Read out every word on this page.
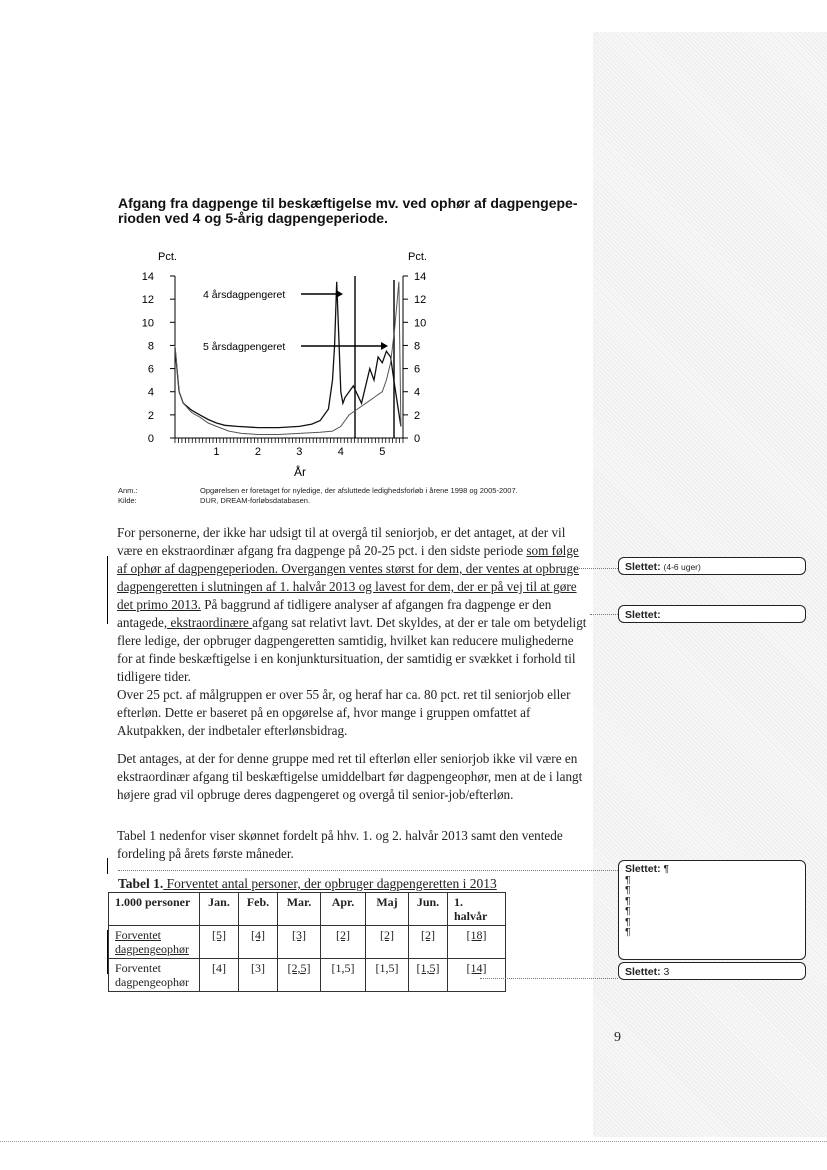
Afgang fra dagpenge til beskæftigelse mv. ved ophør af dagpengepe-rioden ved 4 og 5-årig dagpengeperiode.
Pct.	Pct.
0
2
4
6
8
10
12
14
0
2
4
6
8
10
12
14
1	2	3	4	5
4 årsdagpengeret
5 årsdagpengeret
År
Anm.:	Opgørelsen er foretaget for nyledige, der afsluttede ledighedsforløb i årene 1998 og 2005-2007.
Kilde:	DUR, DREAM-forløbsdatabasen.

For personerne, der ikke har udsigt til at overgå til seniorjob, er det antaget, at der vil være en ekstraordinær afgang fra dagpenge på 20-25 pct. i den sidste periode som følge af ophør af dagpengeperioden. Overgangen ventes størst for dem, der ventes at opbruge dagpengeretten i slutningen af 1. halvår 2013 og lavest for dem, der er på vej til at gøre det primo 2013. På baggrund af tidligere analyser af afgangen fra dagpenge er den antagede, ekstraordinære afgang sat relativt lavt. Det skyldes, at der er tale om betydeligt flere ledige, der opbruger dagpengeretten samtidig, hvilket kan reducere mulighederne for at finde beskæftigelse i en konjunktursituation, der samtidig er svækket i forhold til tidligere tider.

Over 25 pct. af målgruppen er over 55 år, og heraf har ca. 80 pct. ret til seniorjob eller efterløn. Dette er baseret på en opgørelse af, hvor mange i gruppen omfattet af Akutpakken, der indbetaler efterlønsbidrag.

Det antages, at der for denne gruppe med ret til efterløn eller seniorjob ikke vil være en ekstraordinær afgang til beskæftigelse umiddelbart før dagpengeophør, men at de i langt højere grad vil opbruge deres dagpengeret og overgå til senior-job/efterløn.

Tabel 1 nedenfor viser skønnet fordelt på hhv. 1. og 2. halvår 2013 samt den ventede fordeling på årets første måneder.

Tabel 1. Forventet antal personer, der opbruger dagpengeretten i 2013
1.000 personer	Jan.	Feb.	Mar.	Apr.	Maj	Jun.	1. halvår
Forventet dagpengeophør	[5]	[4]	[3]	[2]	[2]	[2]	[18]
Forventet dagpengeophør	[4]	[3]	[2,5]	[1,5]	[1,5]	[1,5]	[14]
Slettet: (4-6 uger)
Slettet:
Slettet: ¶
¶
¶
¶
¶
¶
¶
Slettet: 3
9
